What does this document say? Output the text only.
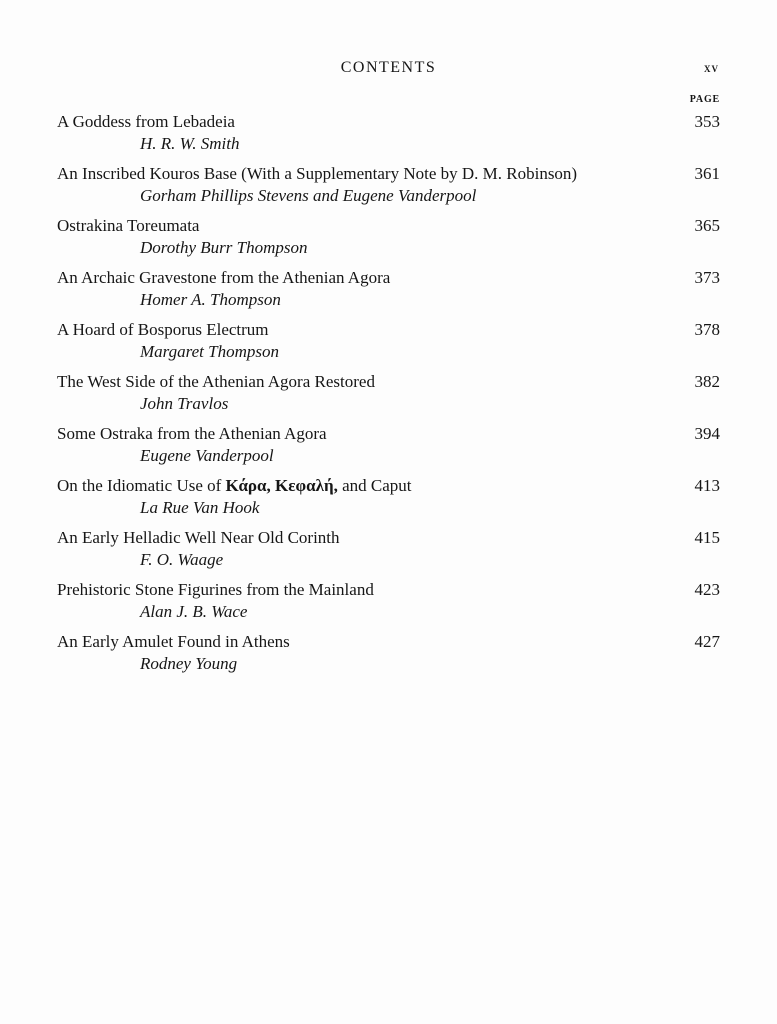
CONTENTS	xv
PAGE
A Goddess from Lebadeia
H. R. W. Smith
353
An Inscribed Kouros Base (With a Supplementary Note by D. M. Robinson)
Gorham Phillips Stevens and Eugene Vanderpool
361
Ostrakina Toreumata
Dorothy Burr Thompson
365
An Archaic Gravestone from the Athenian Agora
Homer A. Thompson
373
A Hoard of Bosporus Electrum
Margaret Thompson
378
The West Side of the Athenian Agora Restored
John Travlos
382
Some Ostraka from the Athenian Agora
Eugene Vanderpool
394
On the Idiomatic Use of Κάρα, Κεφαλή, and Caput
La Rue Van Hook
413
An Early Helladic Well Near Old Corinth
F. O. Waage
415
Prehistoric Stone Figurines from the Mainland
Alan J. B. Wace
423
An Early Amulet Found in Athens
Rodney Young
427
